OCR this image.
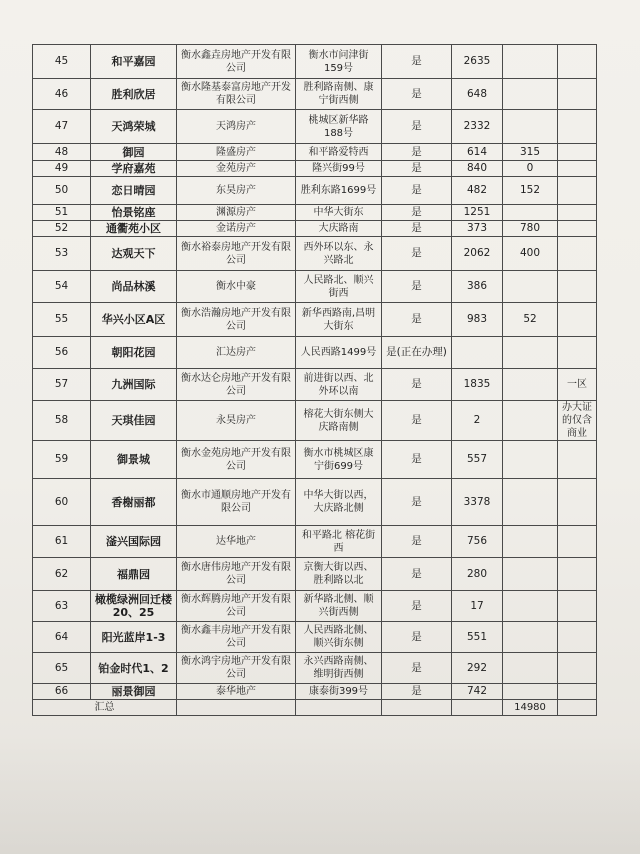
45	和平嘉园	衡水鑫垚房地产开发有限公司	衡水市问津街159号	是	2635		
46	胜利欣居	衡水隆基泰富房地产开发有限公司	胜利路南侧、康宁街西侧	是	648		
47	天鸿荣城	天鸿房产	桃城区新华路188号	是	2332		
48	御园	隆盛房产	和平路爱特西	是	614	315	
49	学府嘉苑	金苑房产	隆兴街99号	是	840	0	
50	恋日晴园	东昊房产	胜利东路1699号	是	482	152	
51	怡景铭座	渊源房产	中华大街东	是	1251		
52	通衢苑小区	金诺房产	大庆路南	是	373	780	
53	达观天下	衡水裕泰房地产开发有限公司	西外环以东、永兴路北	是	2062	400	
54	尚品林溪	衡水中豪	人民路北、顺兴街西	是	386		
55	华兴小区A区	衡水浩瀚房地产开发有限公司	新华西路南,昌明大街东	是	983	52	
56	朝阳花园	汇达房产	人民西路1499号	是(正在办理)			
57	九洲国际	衡水达仑房地产开发有限公司	前进街以西、北外环以南	是	1835		一区
58	天琪佳园	永昊房产	榕花大街东侧大庆路南侧	是	2		办大证的仅含商业
59	御景城	衡水金苑房地产开发有限公司	衡水市桃城区康宁街699号	是	557		
60	香榭丽都	衡水市通顺房地产开发有限公司	中华大街以西，大庆路北侧	是	3378		
61	滏兴国际园	达华地产	和平路北 榕花街西	是	756		
62	福鼎园	衡水唐伟房地产开发有限公司	京衡大街以西、胜利路以北	是	280		
63	橄榄绿洲回迁楼20、25	衡水辉腾房地产开发有限公司	新华路北侧、顺兴街西侧	是	17		
64	阳光蓝岸1-3	衡水鑫丰房地产开发有限公司	人民西路北侧、顺兴街东侧	是	551		
65	铂金时代1、2	衡水鸿宇房地产开发有限公司	永兴西路南侧、维明街西侧	是	292		
66	丽景御园	泰华地产	康泰街399号	是	742		
汇总						14980	
